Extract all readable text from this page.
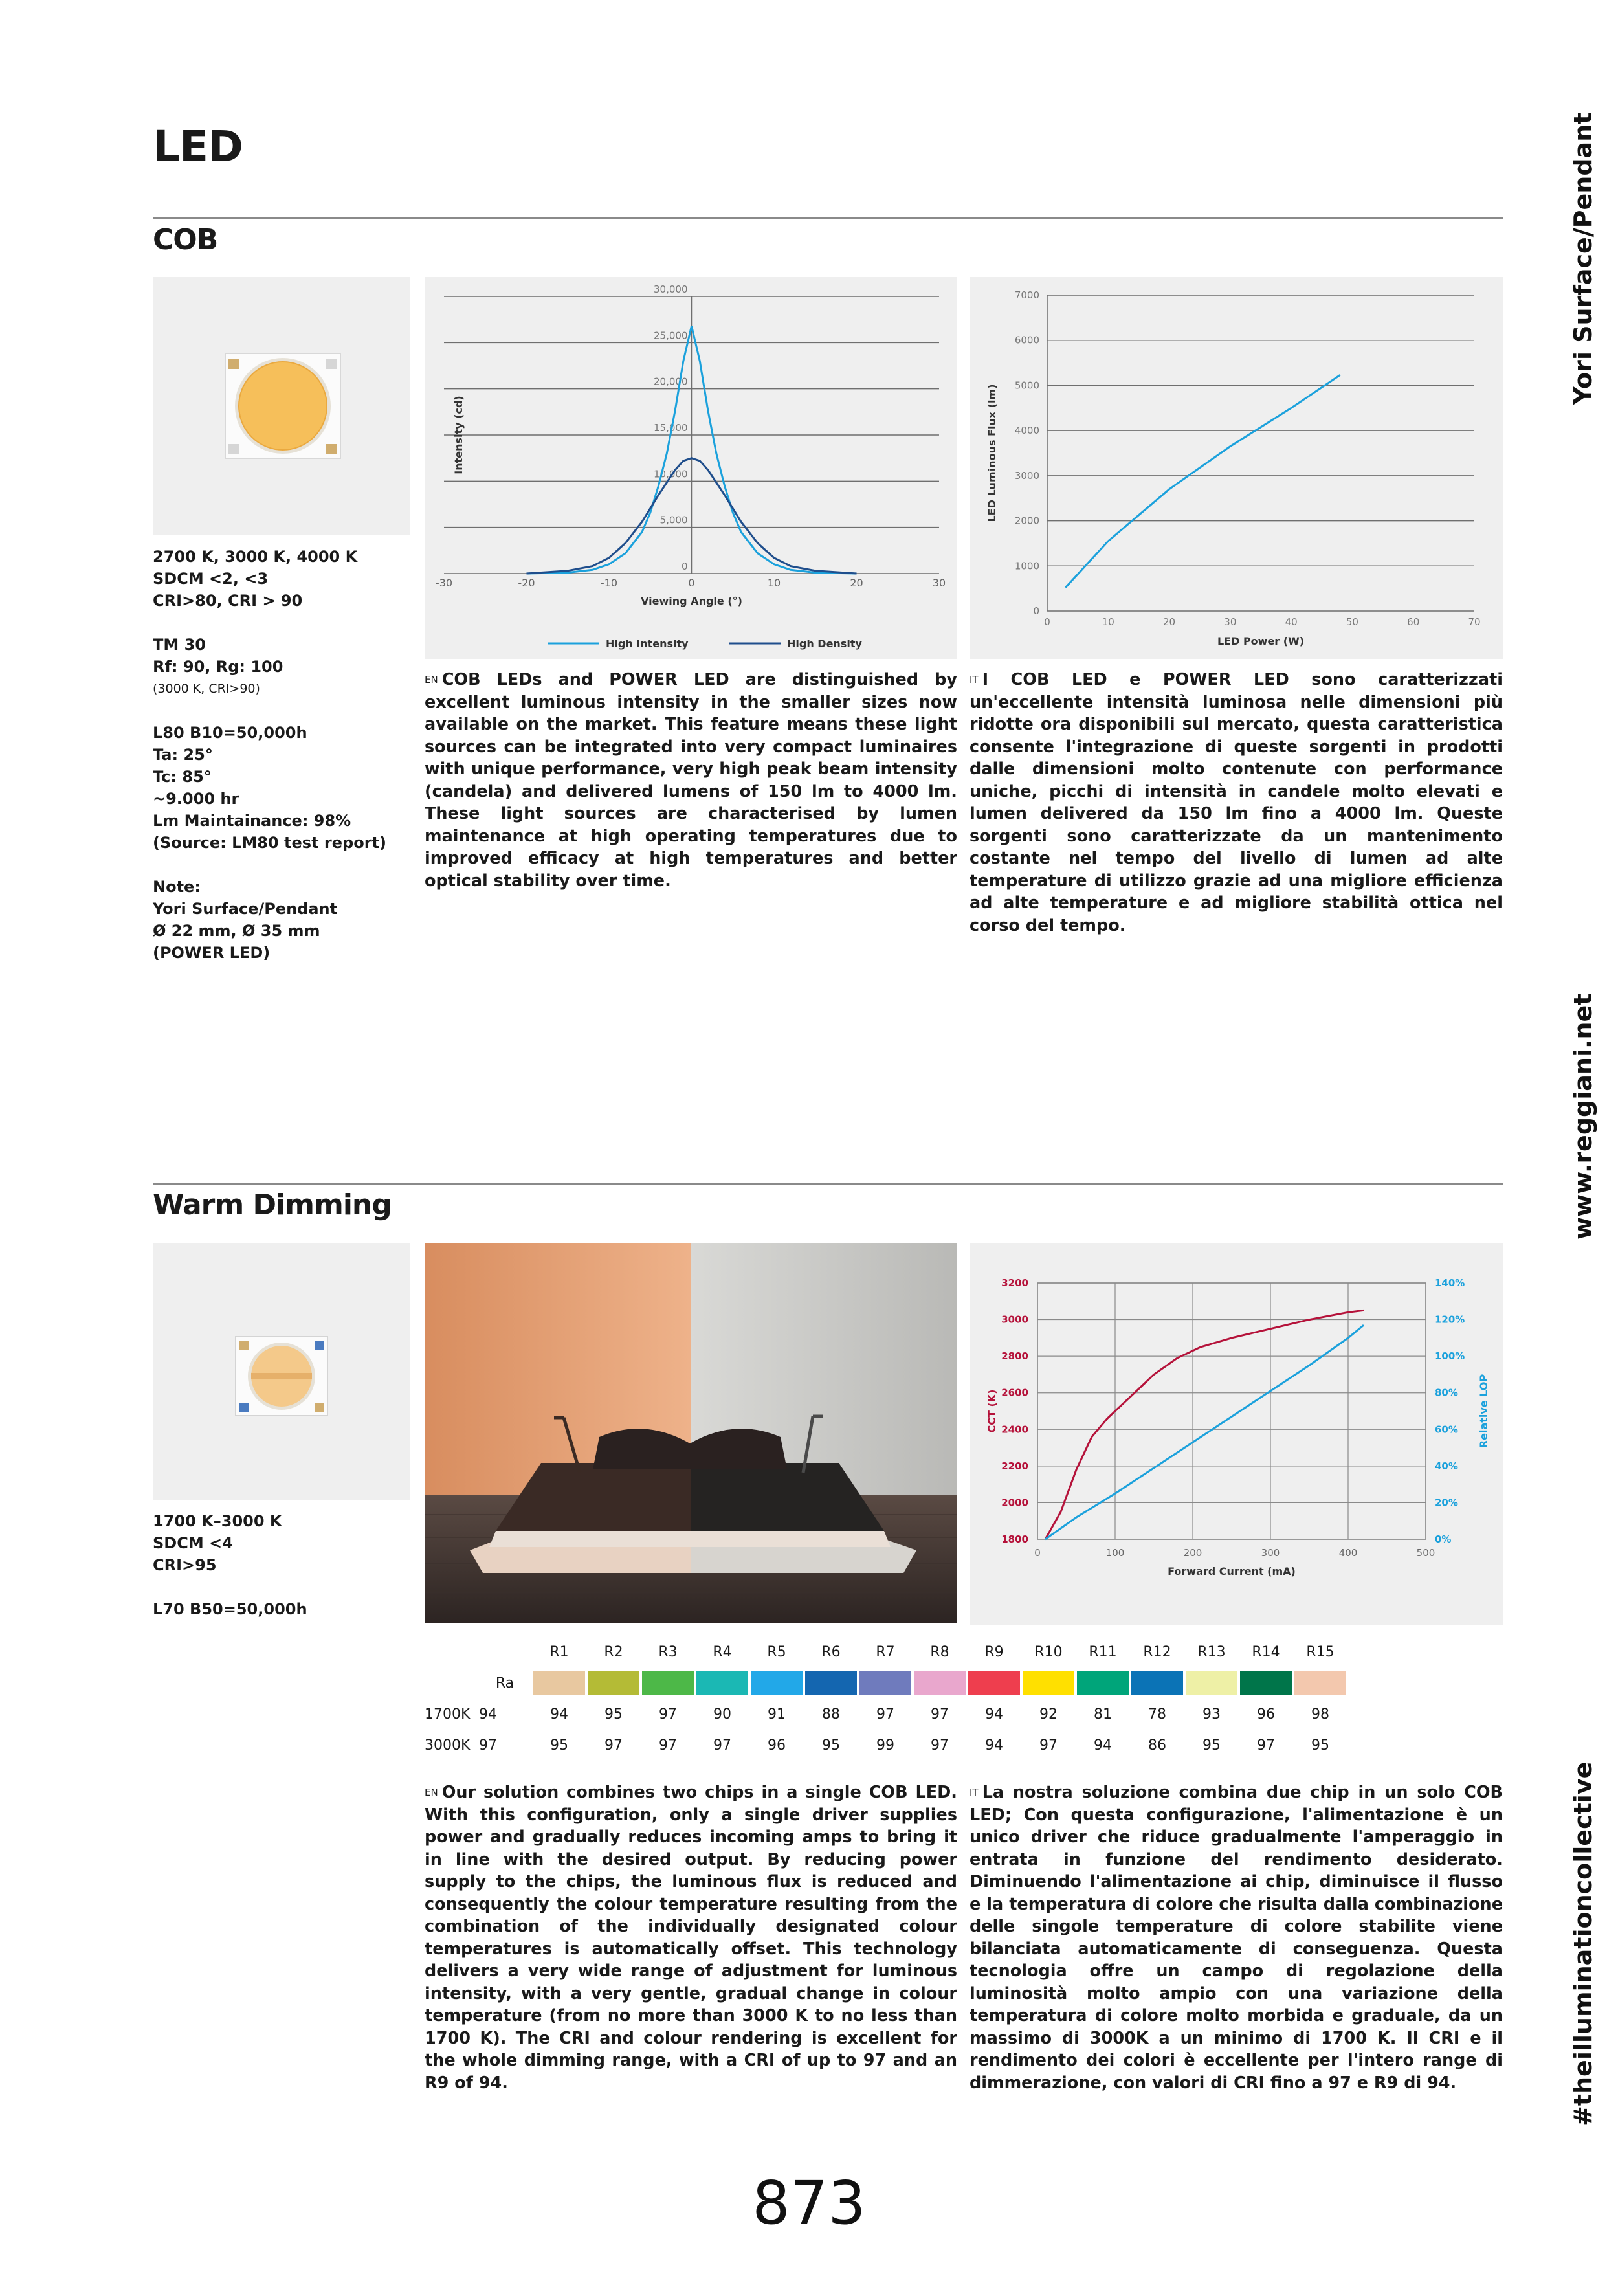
LED	Yori Surface/Pendant
www.reggiani.net
#theilluminationcollective
COB
2700 K, 3000 K, 4000 K
SDCM <2, <3
CRI>80, CRI > 90
TM 30
Rf: 90, Rg: 100
(3000 K, CRI>90)
L80 B10=50,000h
Ta: 25°
Tc: 85°
~9.000 hr
Lm Maintainance: 98%
(Source: LM80 test report)
Note:
Yori Surface/Pendant
Ø 22 mm, Ø 35 mm
(POWER LED)
0
5,000
10,000
15,000
20,000
25,000
30,000
-30	-20	-10	0	10	20	30
Viewing Angle (°)
Intensity (cd)
High Intensity	High Density
0
1000
2000
3000
4000
5000
6000
7000
0	10	20	30	40	50	60	70
LED Power (W)
LED Luminous Flux (lm)
$^{EN}$ COB LEDs and POWER LED are distinguished by excellent luminous intensity in the smaller sizes now available on the market. This feature means these light sources can be integrated into very compact luminaires with unique performance, very high peak beam intensity (candela) and delivered lumens of 150 lm to 4000 lm. These light sources are characterised by lumen maintenance at high operating temperatures due to improved efficacy at high temperatures and better optical stability over time.
$^{IT}$ I COB LED e POWER LED sono caratterizzati un'eccellente intensità luminosa nelle dimensioni più ridotte ora disponibili sul mercato, questa caratteristica consente l'integrazione di queste sorgenti in prodotti dalle dimensioni molto contenute con performance uniche, picchi di intensità in candele molto elevati e lumen delivered da 150 lm fino a 4000 lm. Queste sorgenti sono caratterizzate da un mantenimento costante nel tempo del livello di lumen ad alte temperature di utilizzo grazie ad una migliore efficienza ad alte temperature e ad migliore stabilità ottica nel corso del tempo.
Warm Dimming
1700 K–3000 K
SDCM <4
CRI>95
L70 B50=50,000h
1800
2000
2200
2400
2600
2800
3000
3200
0%
20%
40%
60%
80%
100%
120%
140%
0	100	200	300	400	500
Forward Current (mA)
CCT (K)	Relative LOP
		R1	R2	R3	R4	R5	R6	R7	R8	R9	R10	R11	R12	R13	R14	R15
	Ra	

1700K	94	94	95	97	90	91	88	97	97	94	92	81	78	93	96	98
3000K	97	95	97	97	97	96	95	99	97	94	97	94	86	95	97	95
$^{EN}$ Our solution combines two chips in a single COB LED. With this configuration, only a single driver supplies power and gradually reduces incoming amps to bring it in line with the desired output. By reducing power supply to the chips, the luminous flux is reduced and consequently the colour temperature resulting from the combination of the individually designated colour temperatures is automatically offset. This technology delivers a very wide range of adjustment for luminous intensity, with a very gentle, gradual change in colour temperature (from no more than 3000 K to no less than 1700 K). The CRI and colour rendering is excellent for the whole dimming range, with a CRI of up to 97 and an R9 of 94.
$^{IT}$ La nostra soluzione combina due chip in un solo COB LED; Con questa configurazione, l'alimentazione è un unico driver che riduce gradualmente l'amperaggio in entrata in funzione del rendimento desiderato. Diminuendo l'alimentazione ai chip, diminuisce il flusso e la temperatura di colore che risulta dalla combinazione delle singole temperature di colore stabilite viene bilanciata automaticamente di conseguenza. Questa tecnologia offre un campo di regolazione della luminosità molto ampio con una variazione della temperatura di colore molto morbida e graduale, da un massimo di 3000K a un minimo di 1700 K. Il CRI e il rendimento dei colori è eccellente per l'intero range di dimmerazione, con valori di CRI fino a 97 e R9 di 94.
873
